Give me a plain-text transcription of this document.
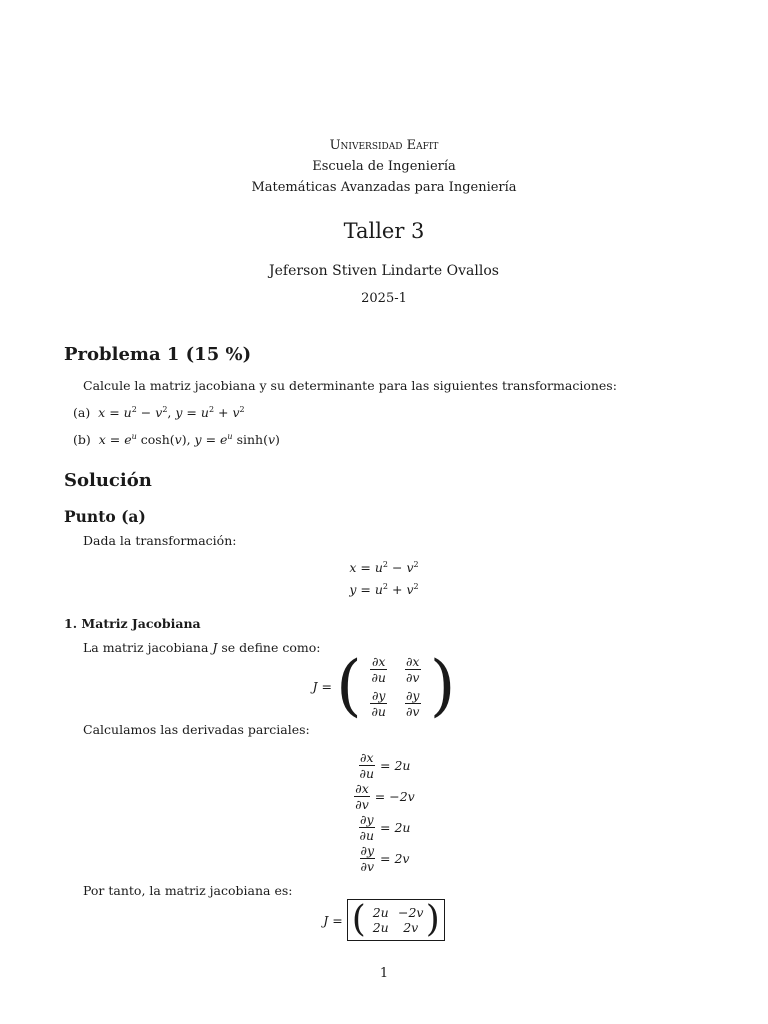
Universidad Eafit
Escuela de Ingeniería
Matemáticas Avanzadas para Ingeniería
Taller 3
Jeferson Stiven Lindarte Ovallos
2025-1
Problema 1 (15 %)
Calcule la matriz jacobiana y su determinante para las siguientes transformaciones:
(a)  $x = u^2 - v^2$, $y = u^2 + v^2$
(b)  $x = e^u$ cosh(v), $y = e^u$ sinh(v)
Solución
Punto (a)
Dada la transformación:
$x = u^2 - v^2$
$y = u^2 + v^2$
1. Matriz Jacobiana
La matriz jacobiana J se define como:
J = ( $\frac{\partial x}{\partial u} \frac{\partial x}{\partial v}$
$\frac{\partial y}{\partial u} \frac{\partial y}{\partial v}$ )
Calculamos las derivadas parciales:
$\frac{\partial x}{\partial u} = 2u$
$\frac{\partial x}{\partial v} = -2v$
$\frac{\partial y}{\partial u} = 2u$
$\frac{\partial y}{\partial v} = 2v$
Por tanto, la matriz jacobiana es:
J = ( 2u −2v
2u	2v )
1
